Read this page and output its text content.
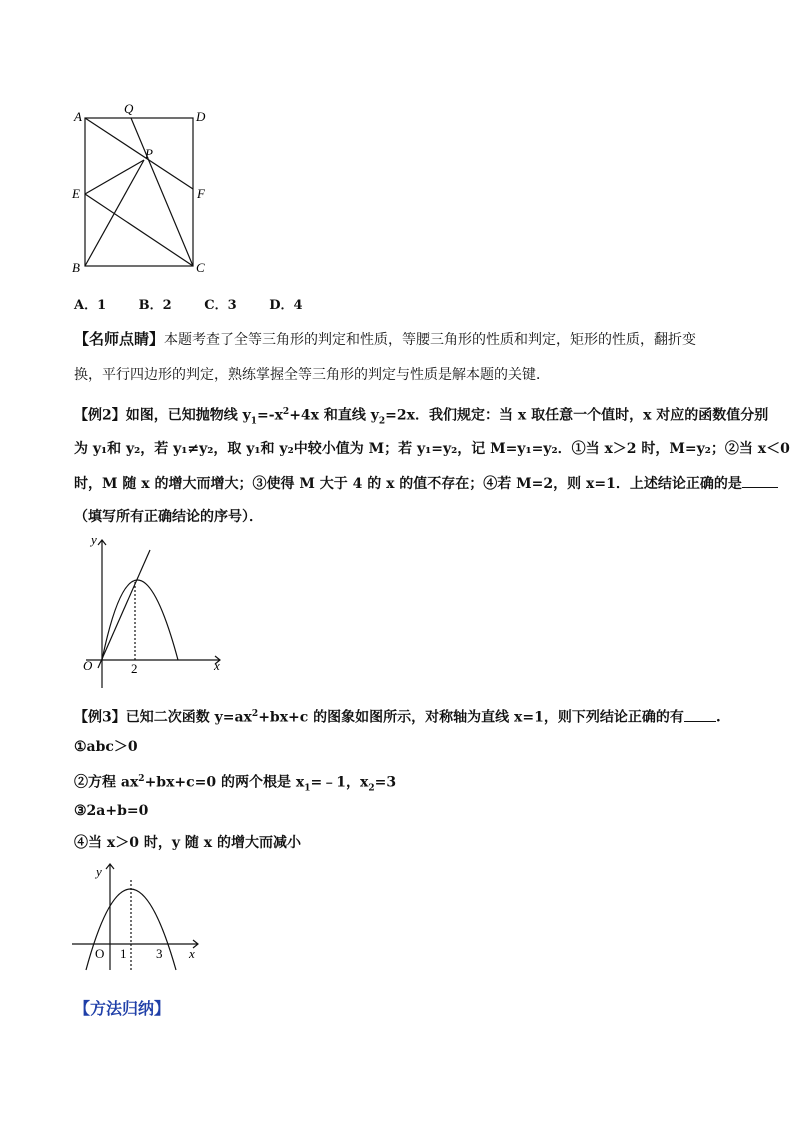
A
Q
D
P
E	F
B	C
A．1	B．2	C．3	D．4
【名师点睛】本题考查了全等三角形的判定和性质，等腰三角形的性质和判定，矩形的性质，翻折变
换，平行四边形的判定，熟练掌握全等三角形的判定与性质是解本题的关键．
【例2】如图，已知抛物线 $y_1=-x^2+4x$ 和直线 $y_2=2x$．我们规定：当 x 取任意一个值时，x 对应的函数值分别
为 y₁和 y₂，若 y₁≠y₂，取 y₁和 y₂中较小值为 M；若 y₁=y₂，记 M=y₁=y₂．①当 x＞2 时，M=y₂；②当 x＜0
时，M 随 x 的增大而增大；③使得 M 大于 4 的 x 的值不存在；④若 M=2，则 x=1．上述结论正确的是
（填写所有正确结论的序号）．
y
x
O	2
【例3】已知二次函数 $y=ax^2+bx+c$ 的图象如图所示，对称轴为直线 x=1，则下列结论正确的有 .
①abc＞0
②方程 $ax^2+bx+c=0$ 的两个根是 $x_1=﹣1$，$x_2=3$
③2a+b=0
④当 x＞0 时，y 随 x 的增大而减小
y
x
O 1 3
【方法归纳】
